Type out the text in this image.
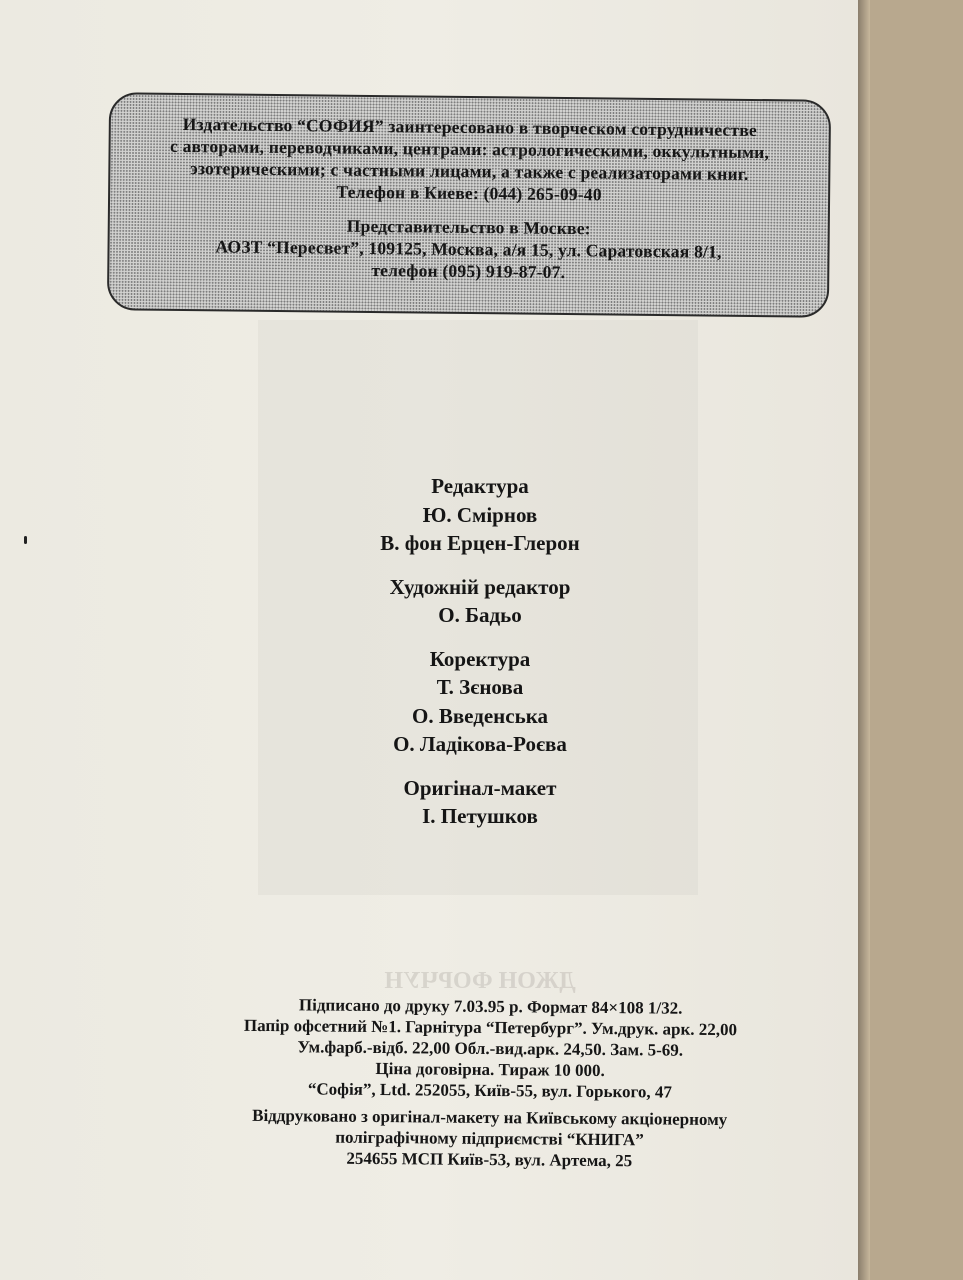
ДЖОН ФОРЧУН

Издательство “СОФИЯ” заинтересовано в творческом сотрудничестве

с авторами, переводчиками, центрами: астрологическими, оккультными,

эзотерическими; с частными лицами, а также с реализаторами книг.

Телефон в Киеве: (044) 265-09-40

Представительство в Москве:

АОЗТ “Пересвет”, 109125, Москва, а/я 15, ул. Саратовская 8/1,

телефон (095) 919-87-07.

Редактура
Ю. Смірнов
В. фон Ерцен-Глерон
Художній редактор
О. Бадьо
Коректура
Т. Зєнова
О. Введенська
О. Ладікова-Роєва
Оригінал-макет
І. Петушков

Підписано до друку 7.03.95 р. Формат 84×108 1/32.

Папір офсетний №1. Гарнітура “Петербург”. Ум.друк. арк. 22,00

Ум.фарб.-відб. 22,00 Обл.-вид.арк. 24,50. Зам. 5-69.

Ціна договірна. Тираж 10 000.

“Софія”, Ltd. 252055, Київ-55, вул. Горького, 47

Віддруковано з оригінал-макету на Київському акціонерному

поліграфічному підприємстві “КНИГА”

254655 МСП Київ-53, вул. Артема, 25
